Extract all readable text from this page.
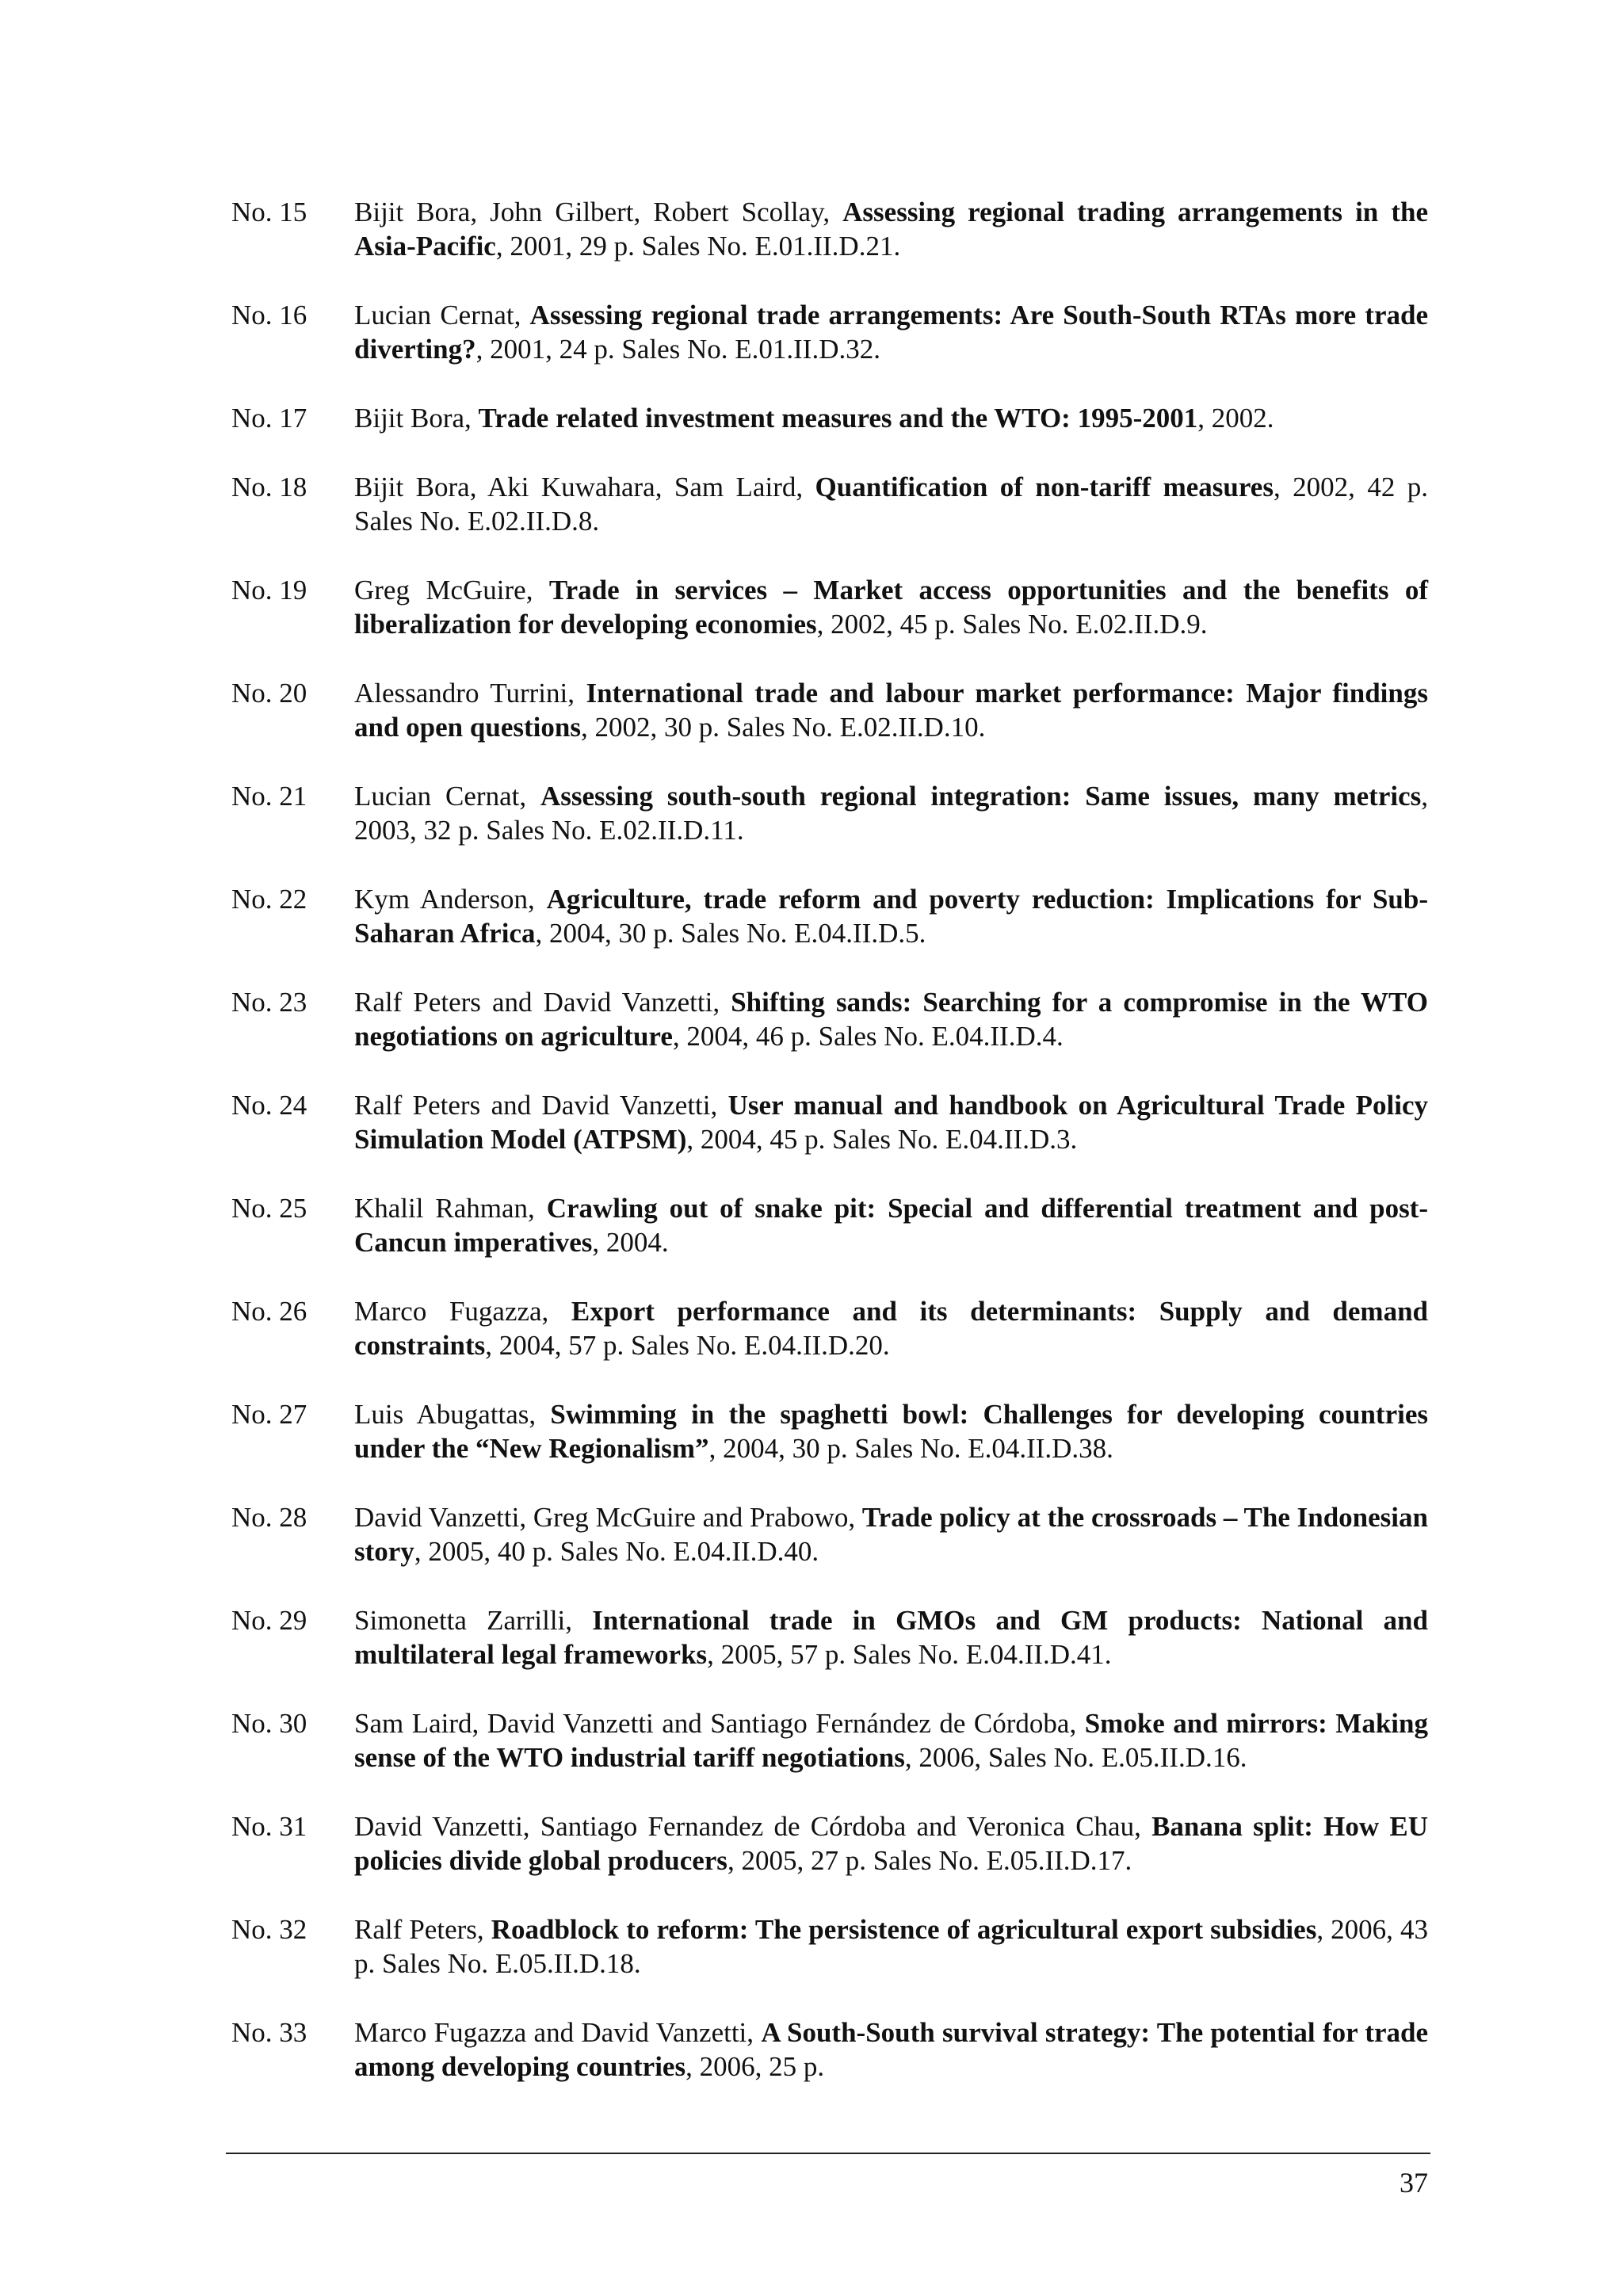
No. 15	Bijit Bora, John Gilbert, Robert Scollay, Assessing regional trading arrangements in the Asia-Pacific, 2001, 29 p. Sales No. E.01.II.D.21.
No. 16	Lucian Cernat, Assessing regional trade arrangements: Are South-South RTAs more trade diverting?, 2001, 24 p. Sales No. E.01.II.D.32.
No. 17	Bijit Bora, Trade related investment measures and the WTO: 1995-2001, 2002.
No. 18	Bijit Bora, Aki Kuwahara, Sam Laird, Quantification of non-tariff measures, 2002, 42 p. Sales No. E.02.II.D.8.
No. 19	Greg McGuire, Trade in services – Market access opportunities and the benefits of liberalization for developing economies, 2002, 45 p. Sales No. E.02.II.D.9.
No. 20	Alessandro Turrini, International trade and labour market performance: Major findings and open questions, 2002, 30 p. Sales No. E.02.II.D.10.
No. 21	Lucian Cernat, Assessing south-south regional integration: Same issues, many metrics, 2003, 32 p. Sales No. E.02.II.D.11.
No. 22	Kym Anderson, Agriculture, trade reform and poverty reduction: Implications for Sub-Saharan Africa, 2004, 30 p. Sales No. E.04.II.D.5.
No. 23	Ralf Peters and David Vanzetti, Shifting sands: Searching for a compromise in the WTO negotiations on agriculture, 2004, 46 p. Sales No. E.04.II.D.4.
No. 24	Ralf Peters and David Vanzetti, User manual and handbook on Agricultural Trade Policy Simulation Model (ATPSM), 2004, 45 p. Sales No. E.04.II.D.3.
No. 25	Khalil Rahman, Crawling out of snake pit: Special and differential treatment and post-Cancun imperatives, 2004.
No. 26	Marco Fugazza, Export performance and its determinants: Supply and demand constraints, 2004, 57 p. Sales No. E.04.II.D.20.
No. 27	Luis Abugattas, Swimming in the spaghetti bowl: Challenges for developing countries under the “New Regionalism”, 2004, 30 p. Sales No. E.04.II.D.38.
No. 28	David Vanzetti, Greg McGuire and Prabowo, Trade policy at the crossroads – The Indonesian story, 2005, 40 p. Sales No. E.04.II.D.40.
No. 29	Simonetta Zarrilli, International trade in GMOs and GM products: National and multilateral legal frameworks, 2005, 57 p. Sales No. E.04.II.D.41.
No. 30	Sam Laird, David Vanzetti and Santiago Fernández de Córdoba, Smoke and mirrors: Making sense of the WTO industrial tariff negotiations, 2006, Sales No. E.05.II.D.16.
No. 31	David Vanzetti, Santiago Fernandez de Córdoba and Veronica Chau, Banana split: How EU policies divide global producers, 2005, 27 p. Sales No. E.05.II.D.17.
No. 32	Ralf Peters, Roadblock to reform: The persistence of agricultural export subsidies, 2006, 43 p. Sales No. E.05.II.D.18.
No. 33	Marco Fugazza and David Vanzetti, A South-South survival strategy: The potential for trade among developing countries, 2006, 25 p.
37
